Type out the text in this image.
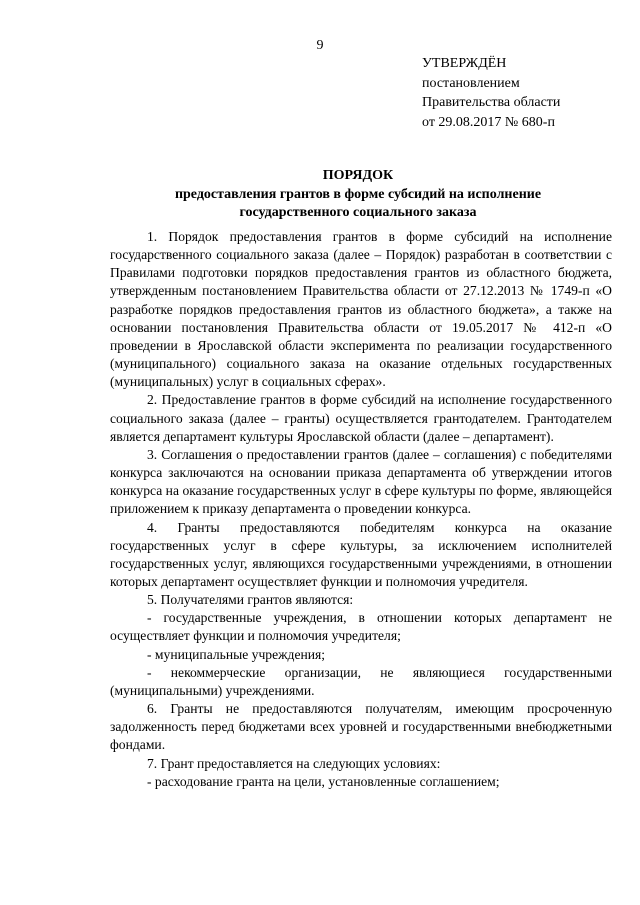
9
УТВЕРЖДЁН
постановлением
Правительства области
от 29.08.2017 № 680-п
ПОРЯДОК
предоставления грантов в форме субсидий на исполнение
государственного социального заказа

1. Порядок предоставления грантов в форме субсидий на исполнение государственного социального заказа (далее – Порядок) разработан в соответствии с Правилами подготовки порядков предоставления грантов из областного бюджета, утвержденным постановлением Правительства области от 27.12.2013 № 1749-п «О разработке порядков предоставления грантов из областного бюджета», а также на основании постановления Правительства области от 19.05.2017 № 412-п «О проведении в Ярославской области эксперимента по реализации государственного (муниципального) социального заказа на оказание отдельных государственных (муниципальных) услуг в социальных сферах».

2. Предоставление грантов в форме субсидий на исполнение государственного социального заказа (далее – гранты) осуществляется грантодателем. Грантодателем является департамент культуры Ярославской области (далее – департамент).

3. Соглашения о предоставлении грантов (далее – соглашения) с победителями конкурса заключаются на основании приказа департамента об утверждении итогов конкурса на оказание государственных услуг в сфере культуры по форме, являющейся приложением к приказу департамента о проведении конкурса.

4. Гранты предоставляются победителям конкурса на оказание государственных услуг в сфере культуры, за исключением исполнителей государственных услуг, являющихся государственными учреждениями, в отношении которых департамент осуществляет функции и полномочия учредителя.

5. Получателями грантов являются:

- государственные учреждения, в отношении которых департамент не осуществляет функции и полномочия учредителя;

- муниципальные учреждения;

- некоммерческие организации, не являющиеся государственными (муниципальными) учреждениями.

6. Гранты не предоставляются получателям, имеющим просроченную задолженность перед бюджетами всех уровней и государственными внебюджетными фондами.

7. Грант предоставляется на следующих условиях:

- расходование гранта на цели, установленные соглашением;
